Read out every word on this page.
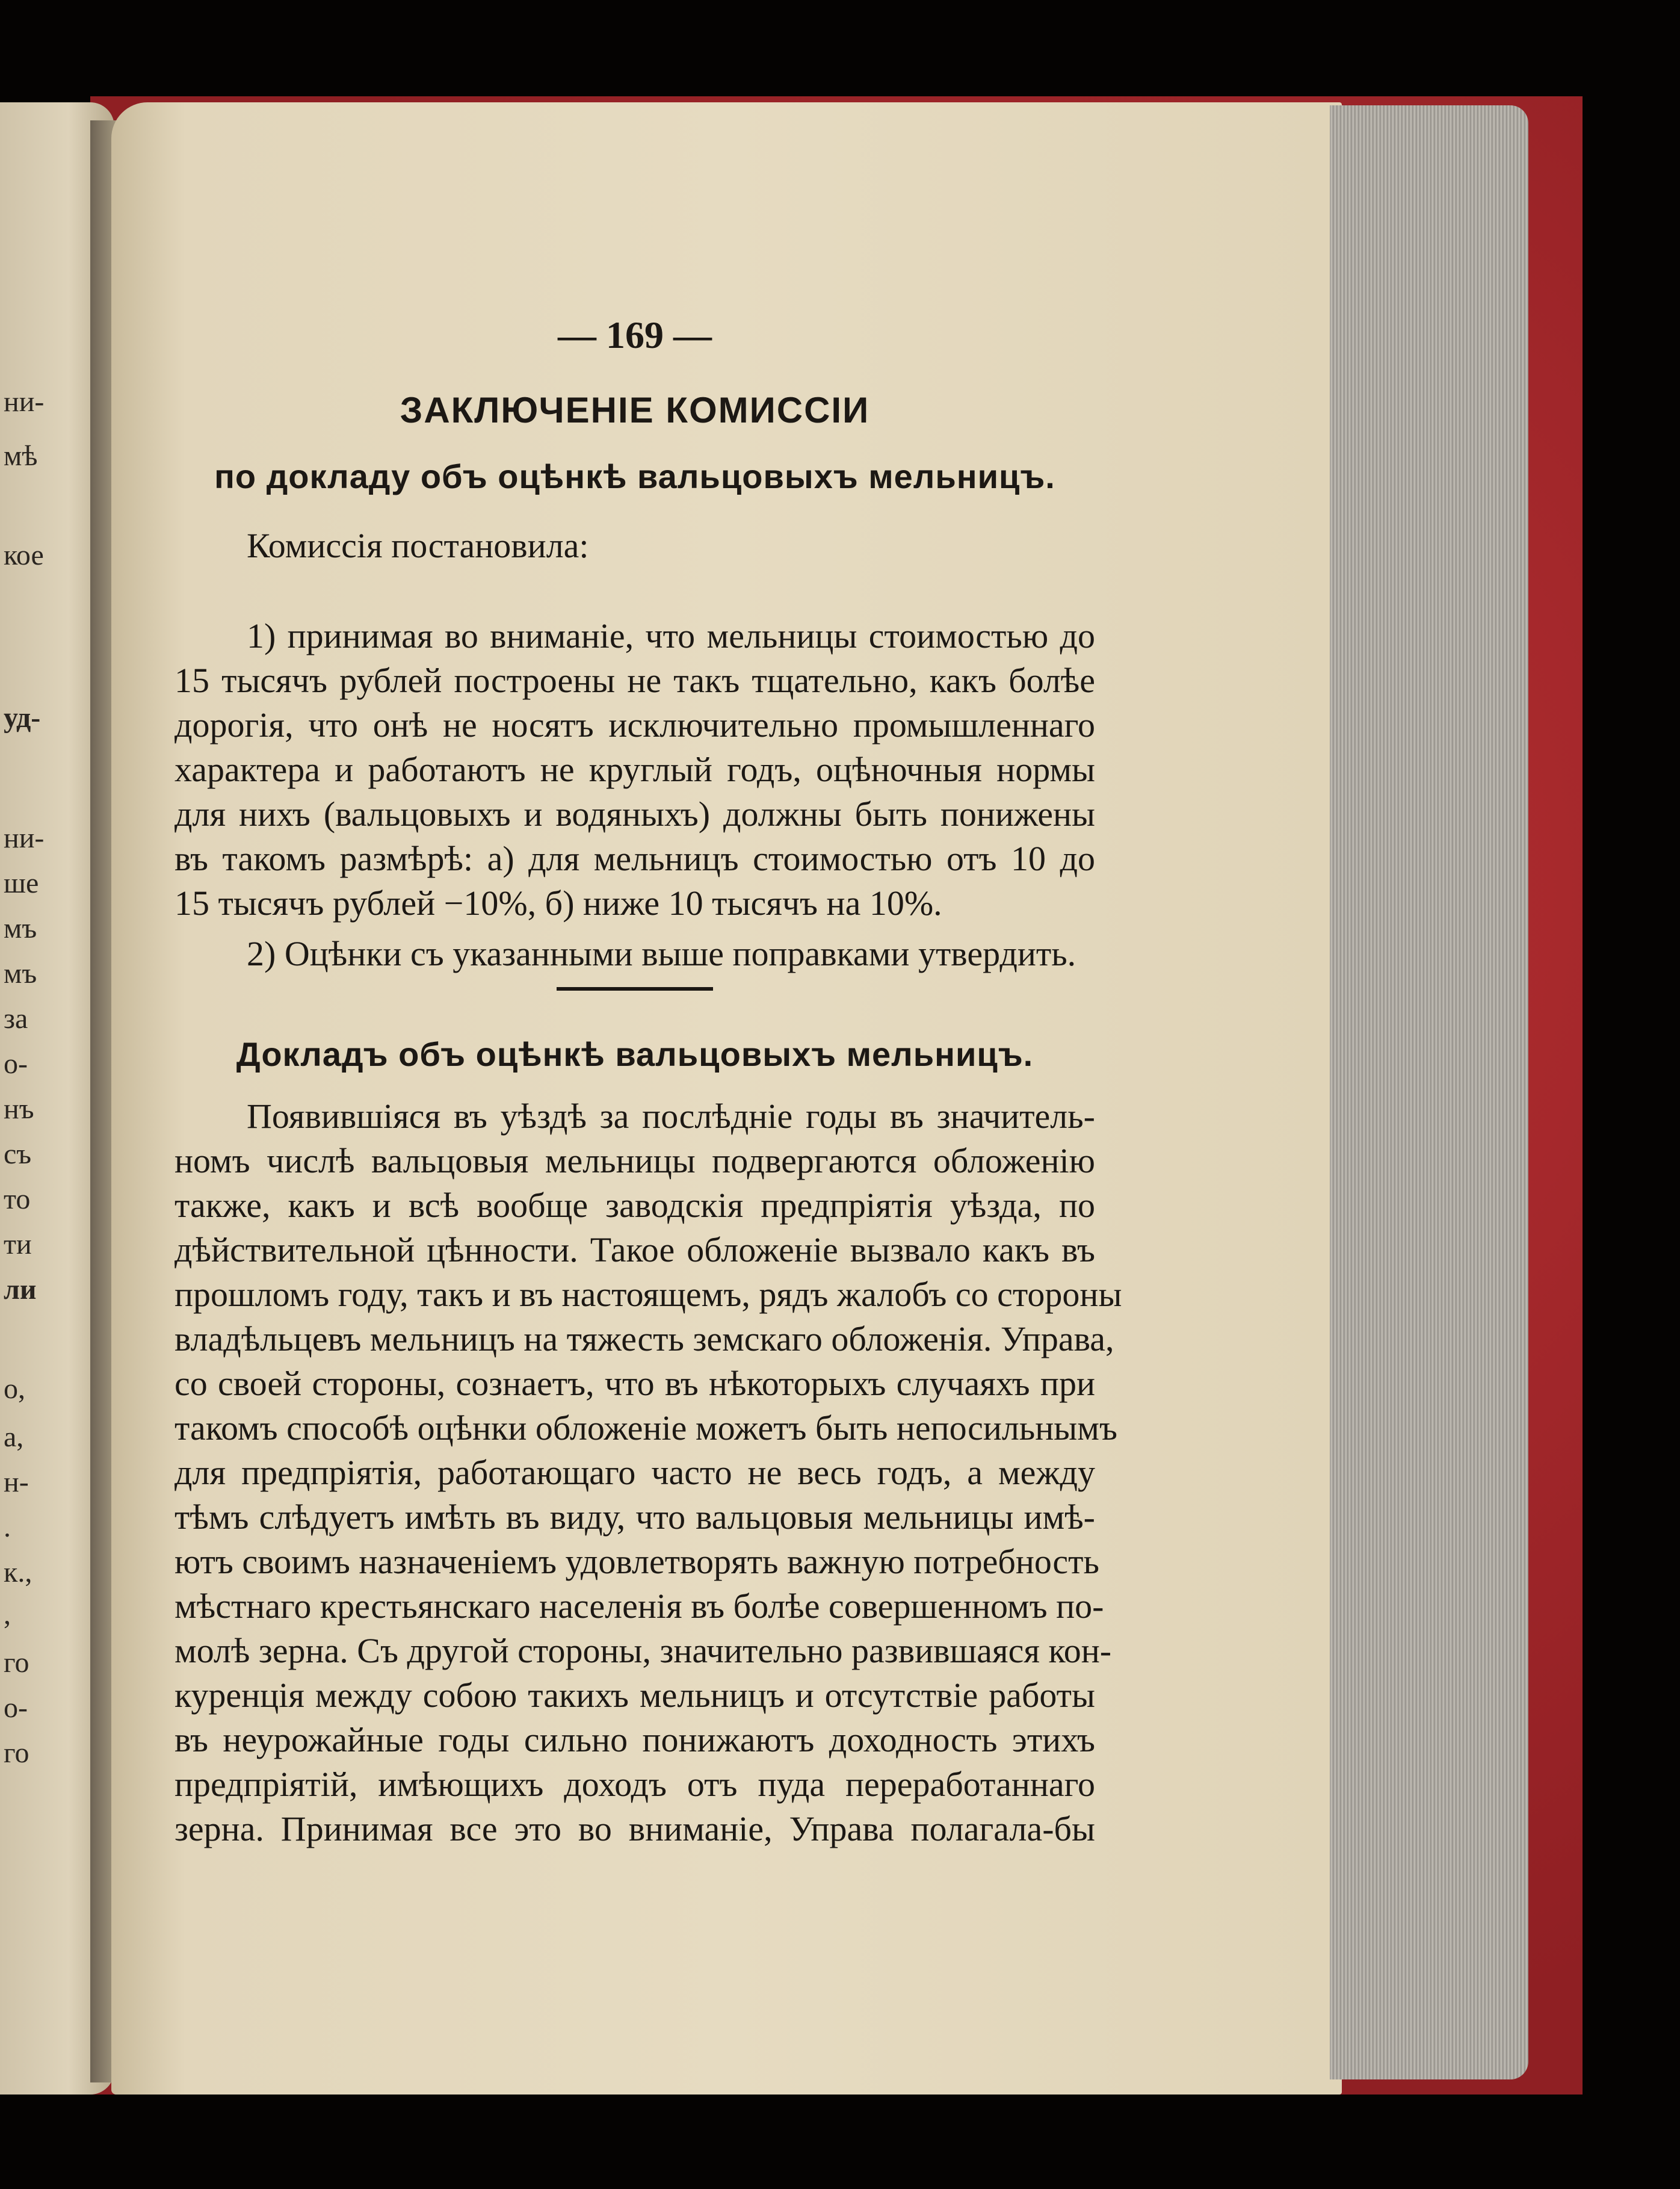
ни-
мѣ
кое
уд-
ни-
ше
мъ
мъ
за
о-
нъ
съ
то
ти
ли
о,
а,
н-
.
к.,
,
го
о-
го
— 169 —
ЗАКЛЮЧЕНІЕ КОМИССІИ
по докладу объ оцѣнкѣ вальцовыхъ мельницъ.
Комиссія постановила:
1) принимая во вниманіе, что мельницы стоимостью до
15 тысячъ рублей построены не такъ тщательно, какъ болѣе
дорогія, что онѣ не носятъ исключительно промышленнаго
характера и работаютъ не круглый годъ, оцѣночныя нормы
для нихъ (вальцовыхъ и водяныхъ) должны быть понижены
въ такомъ размѣрѣ: а) для мельницъ стоимостью отъ 10 до
15 тысячъ рублей −10%, б) ниже 10 тысячъ на 10%.
2) Оцѣнки съ указанными выше поправками утвердить.
Докладъ объ оцѣнкѣ вальцовыхъ мельницъ.
Появившіяся въ уѣздѣ за послѣдніе годы въ значитель-
номъ числѣ вальцовыя мельницы подвергаются обложенію
также, какъ и всѣ вообще заводскія предпріятія уѣзда, по
дѣйствительной цѣнности. Такое обложеніе вызвало какъ въ
прошломъ году, такъ и въ настоящемъ, рядъ жалобъ со стороны
владѣльцевъ мельницъ на тяжесть земскаго обложенія. Управа,
со своей стороны, сознаетъ, что въ нѣкоторыхъ случаяхъ при
такомъ способѣ оцѣнки обложеніе можетъ быть непосильнымъ
для предпріятія, работающаго часто не весь годъ, а между
тѣмъ слѣдуетъ имѣть въ виду, что вальцовыя мельницы имѣ-
ютъ своимъ назначеніемъ удовлетворять важную потребность
мѣстнаго крестьянскаго населенія въ болѣе совершенномъ по-
молѣ зерна. Съ другой стороны, значительно развившаяся кон-
куренція между собою такихъ мельницъ и отсутствіе работы
въ неурожайные годы сильно понижаютъ доходность этихъ
предпріятій, имѣющихъ доходъ отъ пуда переработаннаго
зерна. Принимая все это во вниманіе, Управа полагала-бы
